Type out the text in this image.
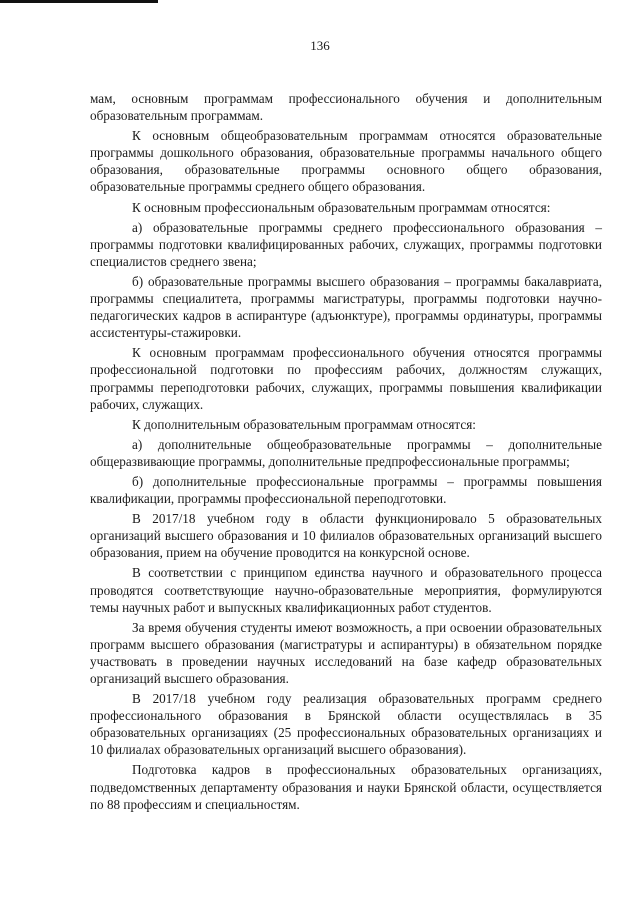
136

мам, основным программам профессионального обучения и дополнительным образовательным программам.

К основным общеобразовательным программам относятся образовательные программы дошкольного образования, образовательные программы начального общего образования, образовательные программы основного общего образования, образовательные программы среднего общего образования.

К основным профессиональным образовательным программам относятся:

а) образовательные программы среднего профессионального образования – программы подготовки квалифицированных рабочих, служащих, программы подготовки специалистов среднего звена;

б) образовательные программы высшего образования – программы бакалавриата, программы специалитета, программы магистратуры, программы подготовки научно-педагогических кадров в аспирантуре (адъюнктуре), программы ординатуры, программы ассистентуры-стажировки.

К основным программам профессионального обучения относятся программы профессиональной подготовки по профессиям рабочих, должностям служащих, программы переподготовки рабочих, служащих, программы повышения квалификации рабочих, служащих.

К дополнительным образовательным программам относятся:

а) дополнительные общеобразовательные программы – дополнительные общеразвивающие программы, дополнительные предпрофессиональные программы;

б) дополнительные профессиональные программы – программы повышения квалификации, программы профессиональной переподготовки.

В 2017/18 учебном году в области функционировало 5 образовательных организаций высшего образования и 10 филиалов образовательных организаций высшего образования, прием на обучение проводится на конкурсной основе.

В соответствии с принципом единства научного и образовательного процесса проводятся соответствующие научно-образовательные мероприятия, формулируются темы научных работ и выпускных квалификационных работ студентов.

За время обучения студенты имеют возможность, а при освоении образовательных программ высшего образования (магистратуры и аспирантуры) в обязательном порядке участвовать в проведении научных исследований на базе кафедр образовательных организаций высшего образования.

В 2017/18 учебном году реализация образовательных программ среднего профессионального образования в Брянской области осуществлялась в 35 образовательных организациях (25 профессиональных образовательных организациях и 10 филиалах образовательных организаций высшего образования).

Подготовка кадров в профессиональных образовательных организациях, подведомственных департаменту образования и науки Брянской области, осуществляется по 88 профессиям и специальностям.
